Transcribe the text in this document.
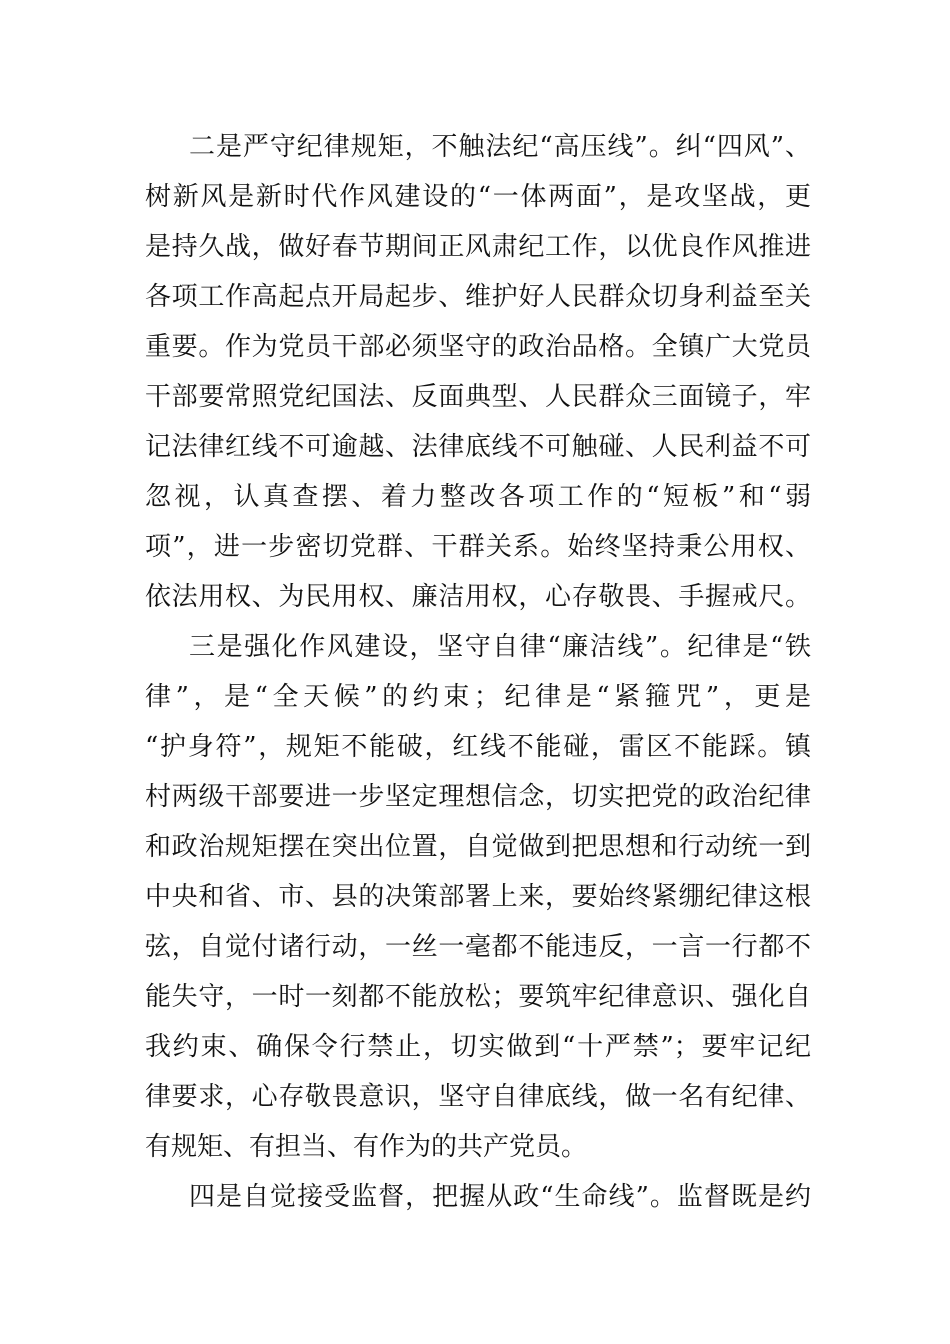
二是严守纪律规矩，不触法纪“高压线”。纠“四风”、
树新风是新时代作风建设的“一体两面”，是攻坚战，更
是持久战，做好春节期间正风肃纪工作，以优良作风推进
各项工作高起点开局起步、维护好人民群众切身利益至关
重要。作为党员干部必须坚守的政治品格。全镇广大党员
干部要常照党纪国法、反面典型、人民群众三面镜子，牢
记法律红线不可逾越、法律底线不可触碰、人民利益不可
忽视，认真查摆、着力整改各项工作的“短板”和“弱
项”，进一步密切党群、干群关系。始终坚持秉公用权、
依法用权、为民用权、廉洁用权，心存敬畏、手握戒尺。
三是强化作风建设，坚守自律“廉洁线”。纪律是“铁
律”，是“全天候”的约束；纪律是“紧箍咒”，更是
“护身符”，规矩不能破，红线不能碰，雷区不能踩。镇
村两级干部要进一步坚定理想信念，切实把党的政治纪律
和政治规矩摆在突出位置，自觉做到把思想和行动统一到
中央和省、市、县的决策部署上来，要始终紧绷纪律这根
弦，自觉付诸行动，一丝一毫都不能违反，一言一行都不
能失守，一时一刻都不能放松；要筑牢纪律意识、强化自
我约束、确保令行禁止，切实做到“十严禁”；要牢记纪
律要求，心存敬畏意识，坚守自律底线，做一名有纪律、
有规矩、有担当、有作为的共产党员。
四是自觉接受监督，把握从政“生命线”。监督既是约
